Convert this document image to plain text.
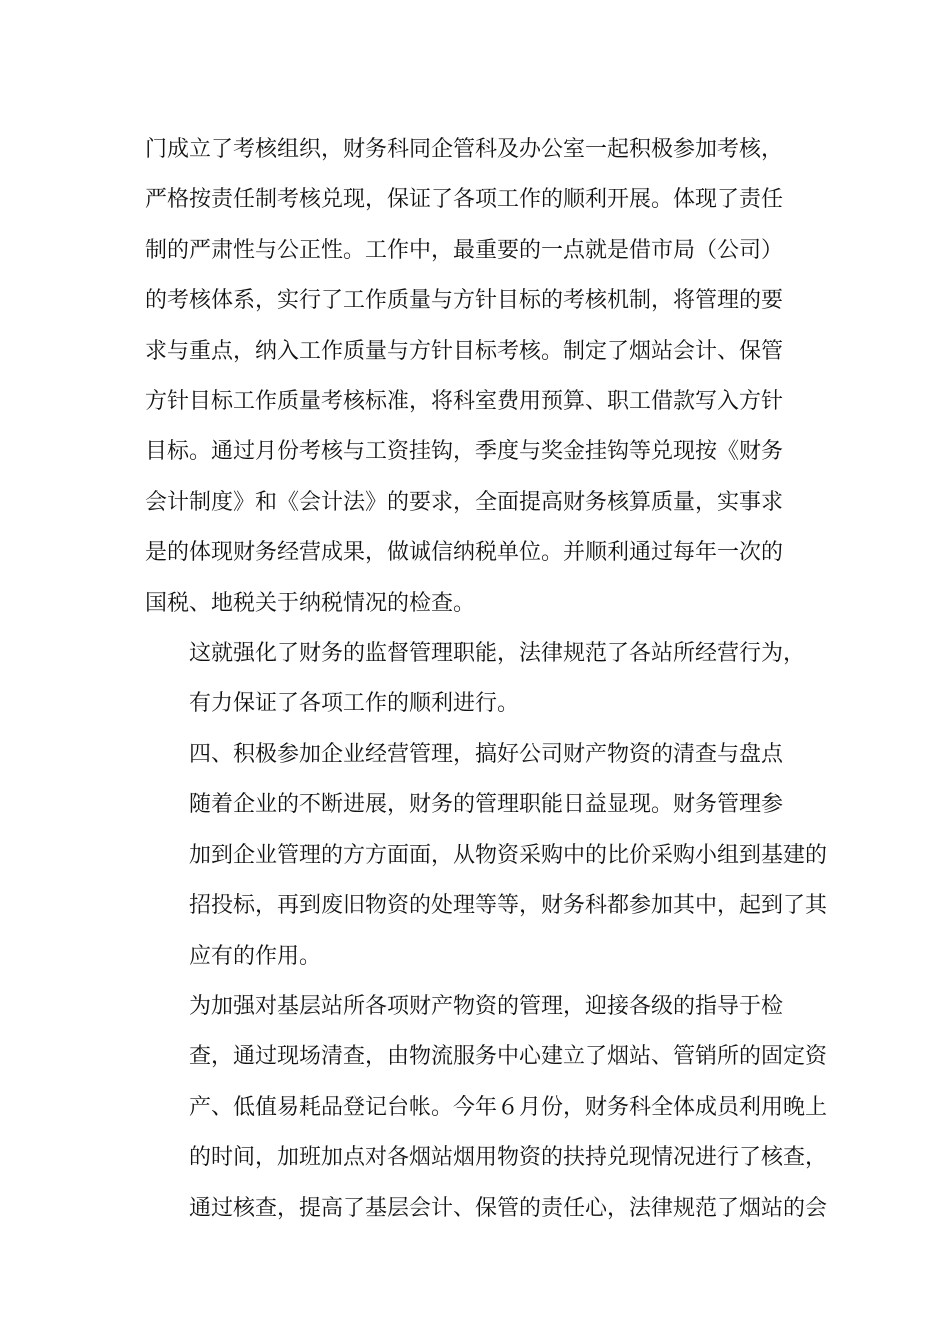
门成立了考核组织，财务科同企管科及办公室一起积极参加考核，
严格按责任制考核兑现，保证了各项工作的顺利开展。体现了责任
制的严肃性与公正性。工作中，最重要的一点就是借市局（公司）
的考核体系，实行了工作质量与方针目标的考核机制，将管理的要
求与重点，纳入工作质量与方针目标考核。制定了烟站会计、保管
方针目标工作质量考核标准，将科室费用预算、职工借款写入方针
目标。通过月份考核与工资挂钩，季度与奖金挂钩等兑现按《财务
会计制度》和《会计法》的要求，全面提高财务核算质量，实事求
是的体现财务经营成果，做诚信纳税单位。并顺利通过每年一次的
国税、地税关于纳税情况的检查。

这就强化了财务的监督管理职能，法律规范了各站所经营行为，
有力保证了各项工作的顺利进行。

四、积极参加企业经营管理，搞好公司财产物资的清查与盘点

随着企业的不断进展，财务的管理职能日益显现。财务管理参
加到企业管理的方方面面，从物资采购中的比价采购小组到基建的
招投标，再到废旧物资的处理等等，财务科都参加其中，起到了其
应有的作用。

为加强对基层站所各项财产物资的管理，迎接各级的指导于检
查，通过现场清查，由物流服务中心建立了烟站、管销所的固定资
产、低值易耗品登记台帐。今年６月份，财务科全体成员利用晚上
的时间，加班加点对各烟站烟用物资的扶持兑现情况进行了核查，
通过核查，提高了基层会计、保管的责任心，法律规范了烟站的会
